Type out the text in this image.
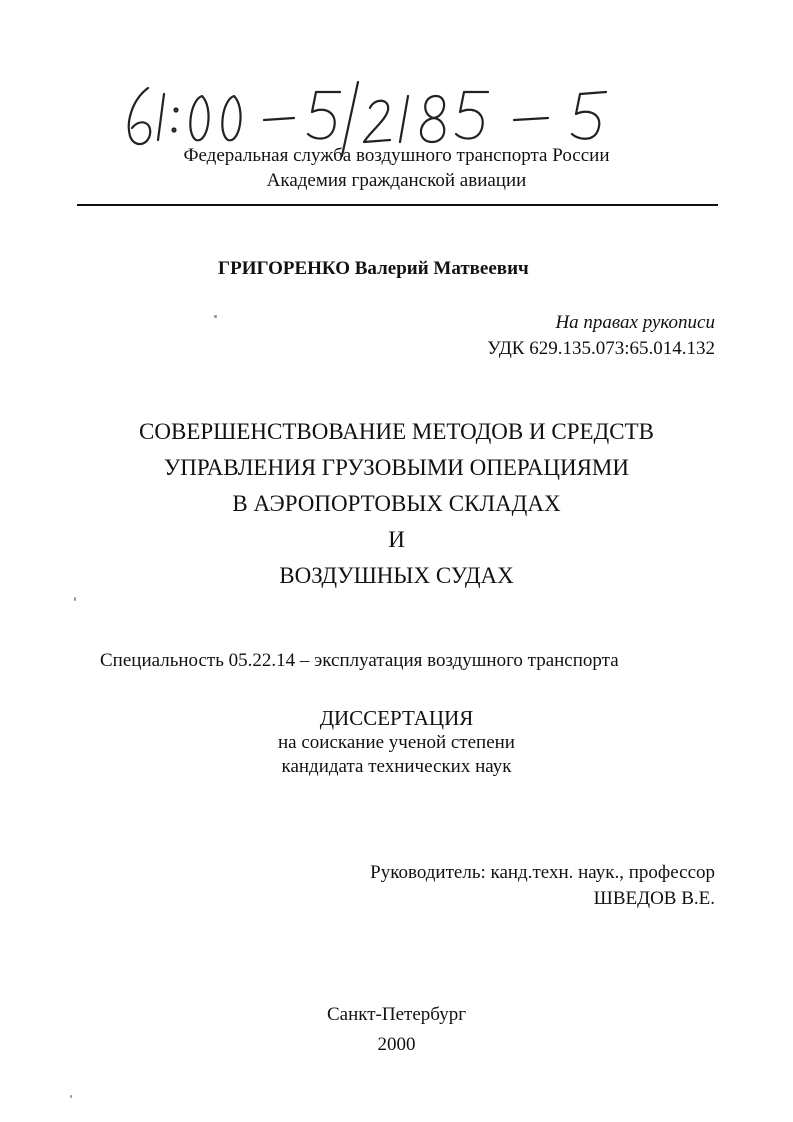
Федеральная служба воздушного транспорта России
Академия гражданской авиации
ГРИГОРЕНКО Валерий Матвеевич
На правах рукописи
УДК 629.135.073:65.014.132
СОВЕРШЕНСТВОВАНИЕ МЕТОДОВ И СРЕДСТВ
УПРАВЛЕНИЯ ГРУЗОВЫМИ ОПЕРАЦИЯМИ
В АЭРОПОРТОВЫХ СКЛАДАХ
И
ВОЗДУШНЫХ СУДАХ
Специальность 05.22.14 – эксплуатация воздушного транспорта
ДИССЕРТАЦИЯ
на соискание ученой степени
кандидата технических наук
Руководитель: канд.техн. наук., профессор
ШВЕДОВ В.Е.
Санкт-Петербург
2000
